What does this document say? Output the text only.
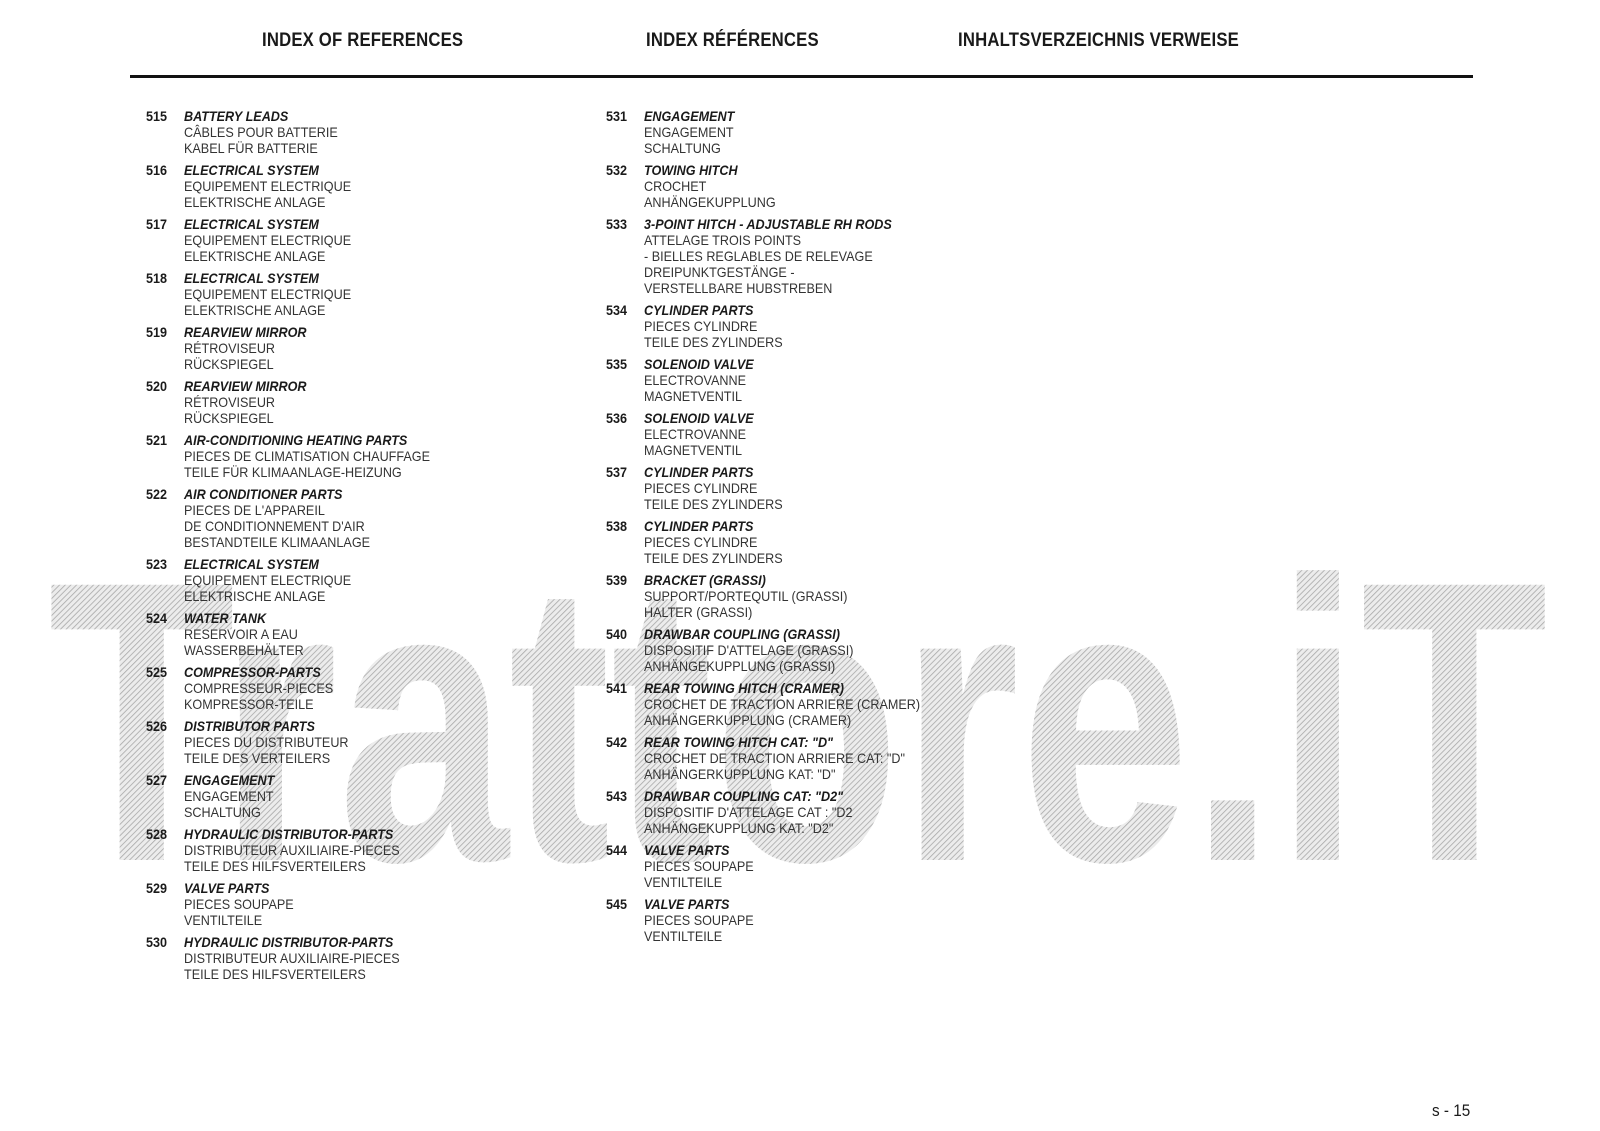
Trattore.iT
INDEX OF REFERENCES	INDEX RÉFÉRENCES	INHALTSVERZEICHNIS VERWEISE
515	BATTERY LEADS
CÂBLES POUR BATTERIE
KABEL FÜR BATTERIE
516	ELECTRICAL SYSTEM
EQUIPEMENT ELECTRIQUE
ELEKTRISCHE ANLAGE
517	ELECTRICAL SYSTEM
EQUIPEMENT ELECTRIQUE
ELEKTRISCHE ANLAGE
518	ELECTRICAL SYSTEM
EQUIPEMENT ELECTRIQUE
ELEKTRISCHE ANLAGE
519	REARVIEW MIRROR
RÉTROVISEUR
RÜCKSPIEGEL
520	REARVIEW MIRROR
RÉTROVISEUR
RÜCKSPIEGEL
521	AIR-CONDITIONING HEATING PARTS
PIECES DE CLIMATISATION CHAUFFAGE
TEILE FÜR KLIMAANLAGE-HEIZUNG
522	AIR CONDITIONER PARTS
PIECES DE L'APPAREIL
DE CONDITIONNEMENT D'AIR
BESTANDTEILE KLIMAANLAGE
523	ELECTRICAL SYSTEM
EQUIPEMENT ELECTRIQUE
ELEKTRISCHE ANLAGE
524	WATER TANK
RESERVOIR A EAU
WASSERBEHÄLTER
525	COMPRESSOR-PARTS
COMPRESSEUR-PIECES
KOMPRESSOR-TEILE
526	DISTRIBUTOR PARTS
PIECES DU DISTRIBUTEUR
TEILE DES VERTEILERS
527	ENGAGEMENT
ENGAGEMENT
SCHALTUNG
528	HYDRAULIC DISTRIBUTOR-PARTS
DISTRIBUTEUR AUXILIAIRE-PIECES
TEILE DES HILFSVERTEILERS
529	VALVE PARTS
PIECES SOUPAPE
VENTILTEILE
530	HYDRAULIC DISTRIBUTOR-PARTS
DISTRIBUTEUR AUXILIAIRE-PIECES
TEILE DES HILFSVERTEILERS
531	ENGAGEMENT
ENGAGEMENT
SCHALTUNG
532	TOWING HITCH
CROCHET
ANHÄNGEKUPPLUNG
533	3-POINT HITCH - ADJUSTABLE RH RODS
ATTELAGE TROIS POINTS
- BIELLES REGLABLES DE RELEVAGE
DREIPUNKTGESTÄNGE -
VERSTELLBARE HUBSTREBEN
534	CYLINDER PARTS
PIECES CYLINDRE
TEILE DES ZYLINDERS
535	SOLENOID VALVE
ELECTROVANNE
MAGNETVENTIL
536	SOLENOID VALVE
ELECTROVANNE
MAGNETVENTIL
537	CYLINDER PARTS
PIECES CYLINDRE
TEILE DES ZYLINDERS
538	CYLINDER PARTS
PIECES CYLINDRE
TEILE DES ZYLINDERS
539	BRACKET (GRASSI)
SUPPORT/PORTEQUTIL (GRASSI)
HALTER (GRASSI)
540	DRAWBAR COUPLING (GRASSI)
DISPOSITIF D'ATTELAGE (GRASSI)
ANHÄNGEKUPPLUNG (GRASSI)
541	REAR TOWING HITCH (CRAMER)
CROCHET DE TRACTION ARRIERE (CRAMER)
ANHÄNGERKUPPLUNG (CRAMER)
542	REAR TOWING HITCH CAT: "D"
CROCHET DE TRACTION ARRIERE CAT: "D"
ANHÄNGERKUPPLUNG KAT: "D"
543	DRAWBAR COUPLING CAT: "D2"
DISPOSITIF D'ATTELAGE CAT : "D2
ANHÄNGEKUPPLUNG KAT: "D2"
544	VALVE PARTS
PIECES SOUPAPE
VENTILTEILE
545	VALVE PARTS
PIECES SOUPAPE
VENTILTEILE
s - 15
